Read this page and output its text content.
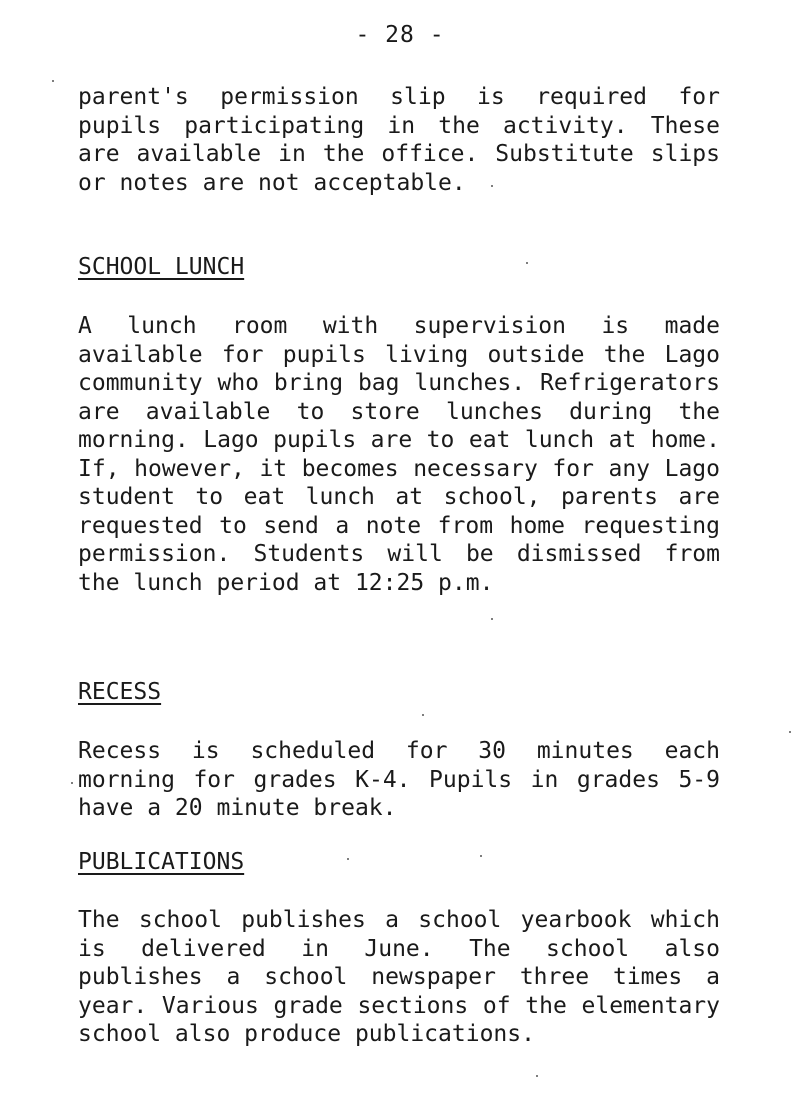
- 28 -
parent's permission slip is required for pupils participating in the activity. These are available in the office. Substitute slips or notes are not acceptable.
SCHOOL LUNCH
A lunch room with supervision is made available for pupils living outside the Lago community who bring bag lunches. Refrigerators are available to store lunches during the morning. Lago pupils are to eat lunch at home. If, however, it becomes necessary for any Lago student to eat lunch at school, parents are requested to send a note from home requesting permission. Students will be dismissed from the lunch period at 12:25 p.m.
RECESS
Recess is scheduled for 30 minutes each morning for grades K-4. Pupils in grades 5-9 have a 20 minute break.
PUBLICATIONS
The school publishes a school yearbook which is delivered in June. The school also publishes a school newspaper three times a year. Various grade sections of the elementary school also produce publications.
